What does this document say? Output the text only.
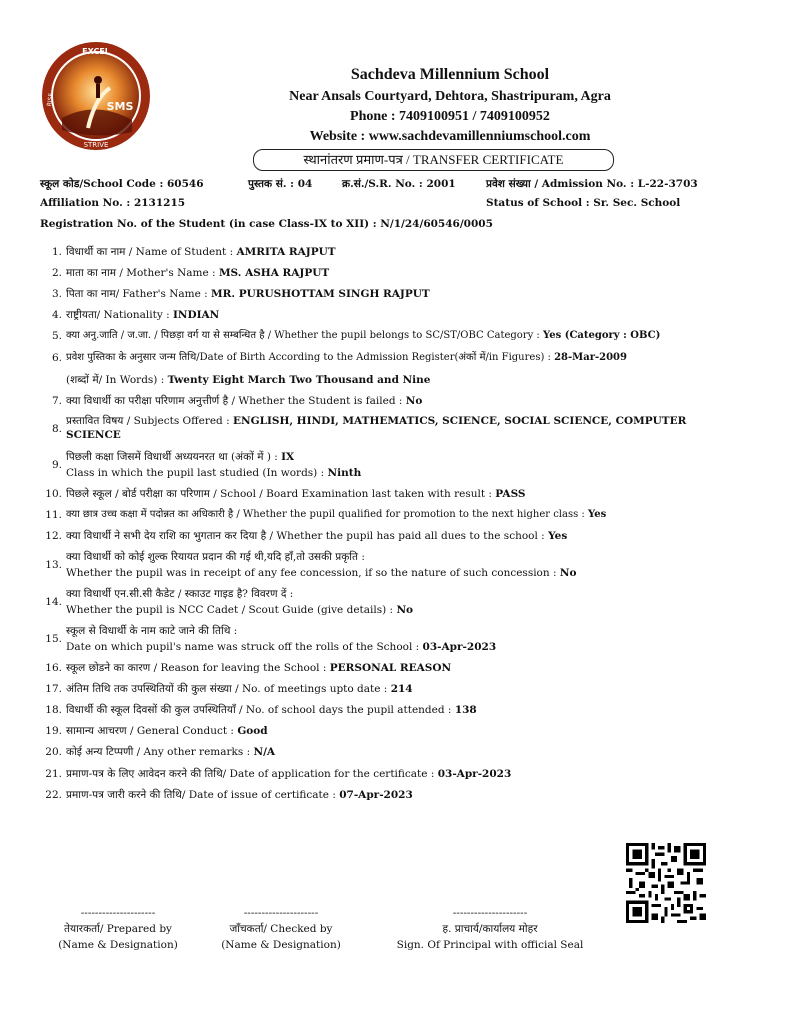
EXCEL
SMS
STRIVE
RISE
Sachdeva Millennium School
Near Ansals Courtyard, Dehtora, Shastripuram, Agra
Phone : 7409100951 / 7409100952
Website : www.sachdevamillenniumschool.com
स्थानांतरण प्रमाण-पत्र / TRANSFER CERTIFICATE
स्कूल कोड/School Code : 60546	पुस्तक सं. : 04	क्र.सं./S.R. No. : 2001	प्रवेश संख्या / Admission No. : L-22-3703
Affiliation No. : 2131215	Status of School : Sr. Sec. School
Registration No. of the Student (in case Class-IX to XII) : N/1/24/60546/0005
1. विधार्थी का नाम / Name of Student : AMRITA RAJPUT
2. माता का नाम / Mother's Name : MS. ASHA RAJPUT
3. पिता का नाम/ Father's Name : MR. PURUSHOTTAM SINGH RAJPUT
4. राष्ट्रीयता/ Nationality : INDIAN
5. क्या अनु.जाति / ज.जा. / पिछड़ा वर्ग या से सम्बन्धित है / Whether the pupil belongs to SC/ST/OBC Category : Yes (Category : OBC)
6. प्रवेश पुस्तिका के अनुसार जन्म तिथि/Date of Birth According to the Admission Register(अंकों में/in Figures) : 28-Mar-2009
(शब्दों में/ In Words) : Twenty Eight March Two Thousand and Nine
7. क्या विधार्थी का परीक्षा परिणाम अनुत्तीर्ण है / Whether the Student is failed : No
8.
प्रस्तावित विषय / Subjects Offered : ENGLISH, HINDI, MATHEMATICS, SCIENCE, SOCIAL SCIENCE, COMPUTER SCIENCE
9.
पिछली कक्षा जिसमें विधार्थी अध्ययनरत था (अंकों में ) : IX
Class in which the pupil last studied (In words) : Ninth
10. पिछले स्कूल / बोर्ड परीक्षा का परिणाम / School / Board Examination last taken with result : PASS
11. क्या छात्र उच्च कक्षा में पदोन्नत का अधिकारी है / Whether the pupil qualified for promotion to the next higher class : Yes
12. क्या विधार्थी ने सभी देय राशि का भुगतान कर दिया है / Whether the pupil has paid all dues to the school : Yes
13.
क्या विधार्थी को कोई शुल्क रियायत प्रदान की गई थी,यदि हाँ,तो उसकी प्रकृति :
Whether the pupil was in receipt of any fee concession, if so the nature of such concession : No
14.
क्या विधार्थी एन.सी.सी कैडेट / स्काउट गाइड है? विवरण दें :
Whether the pupil is NCC Cadet / Scout Guide (give details) : No
15.
स्कूल से विधार्थी के नाम काटे जाने की तिथि :
Date on which pupil's name was struck off the rolls of the School : 03-Apr-2023
16. स्कूल छोडने का कारण / Reason for leaving the School : PERSONAL REASON
17. अंतिम तिथि तक उपस्थितियों की कुल संख्या / No. of meetings upto date : 214
18. विधार्थी की स्कूल दिवसों की कुल उपस्थितियाँ / No. of school days the pupil attended : 138
19. सामान्य आचरण / General Conduct : Good
20. कोई अन्य टिप्पणी / Any other remarks : N/A
21. प्रमाण-पत्र के लिए आवेदन करने की तिथि/ Date of application for the certificate : 03-Apr-2023
22. प्रमाण-पत्र जारी करने की तिथि/ Date of issue of certificate : 07-Apr-2023
---------------------
तेयारकर्ता/ Prepared by
(Name & Designation)
---------------------
जाँचकर्ता/ Checked by
(Name & Designation)
---------------------
ह. प्राचार्य/कार्यालय मोहर
Sign. Of Principal with official Seal
